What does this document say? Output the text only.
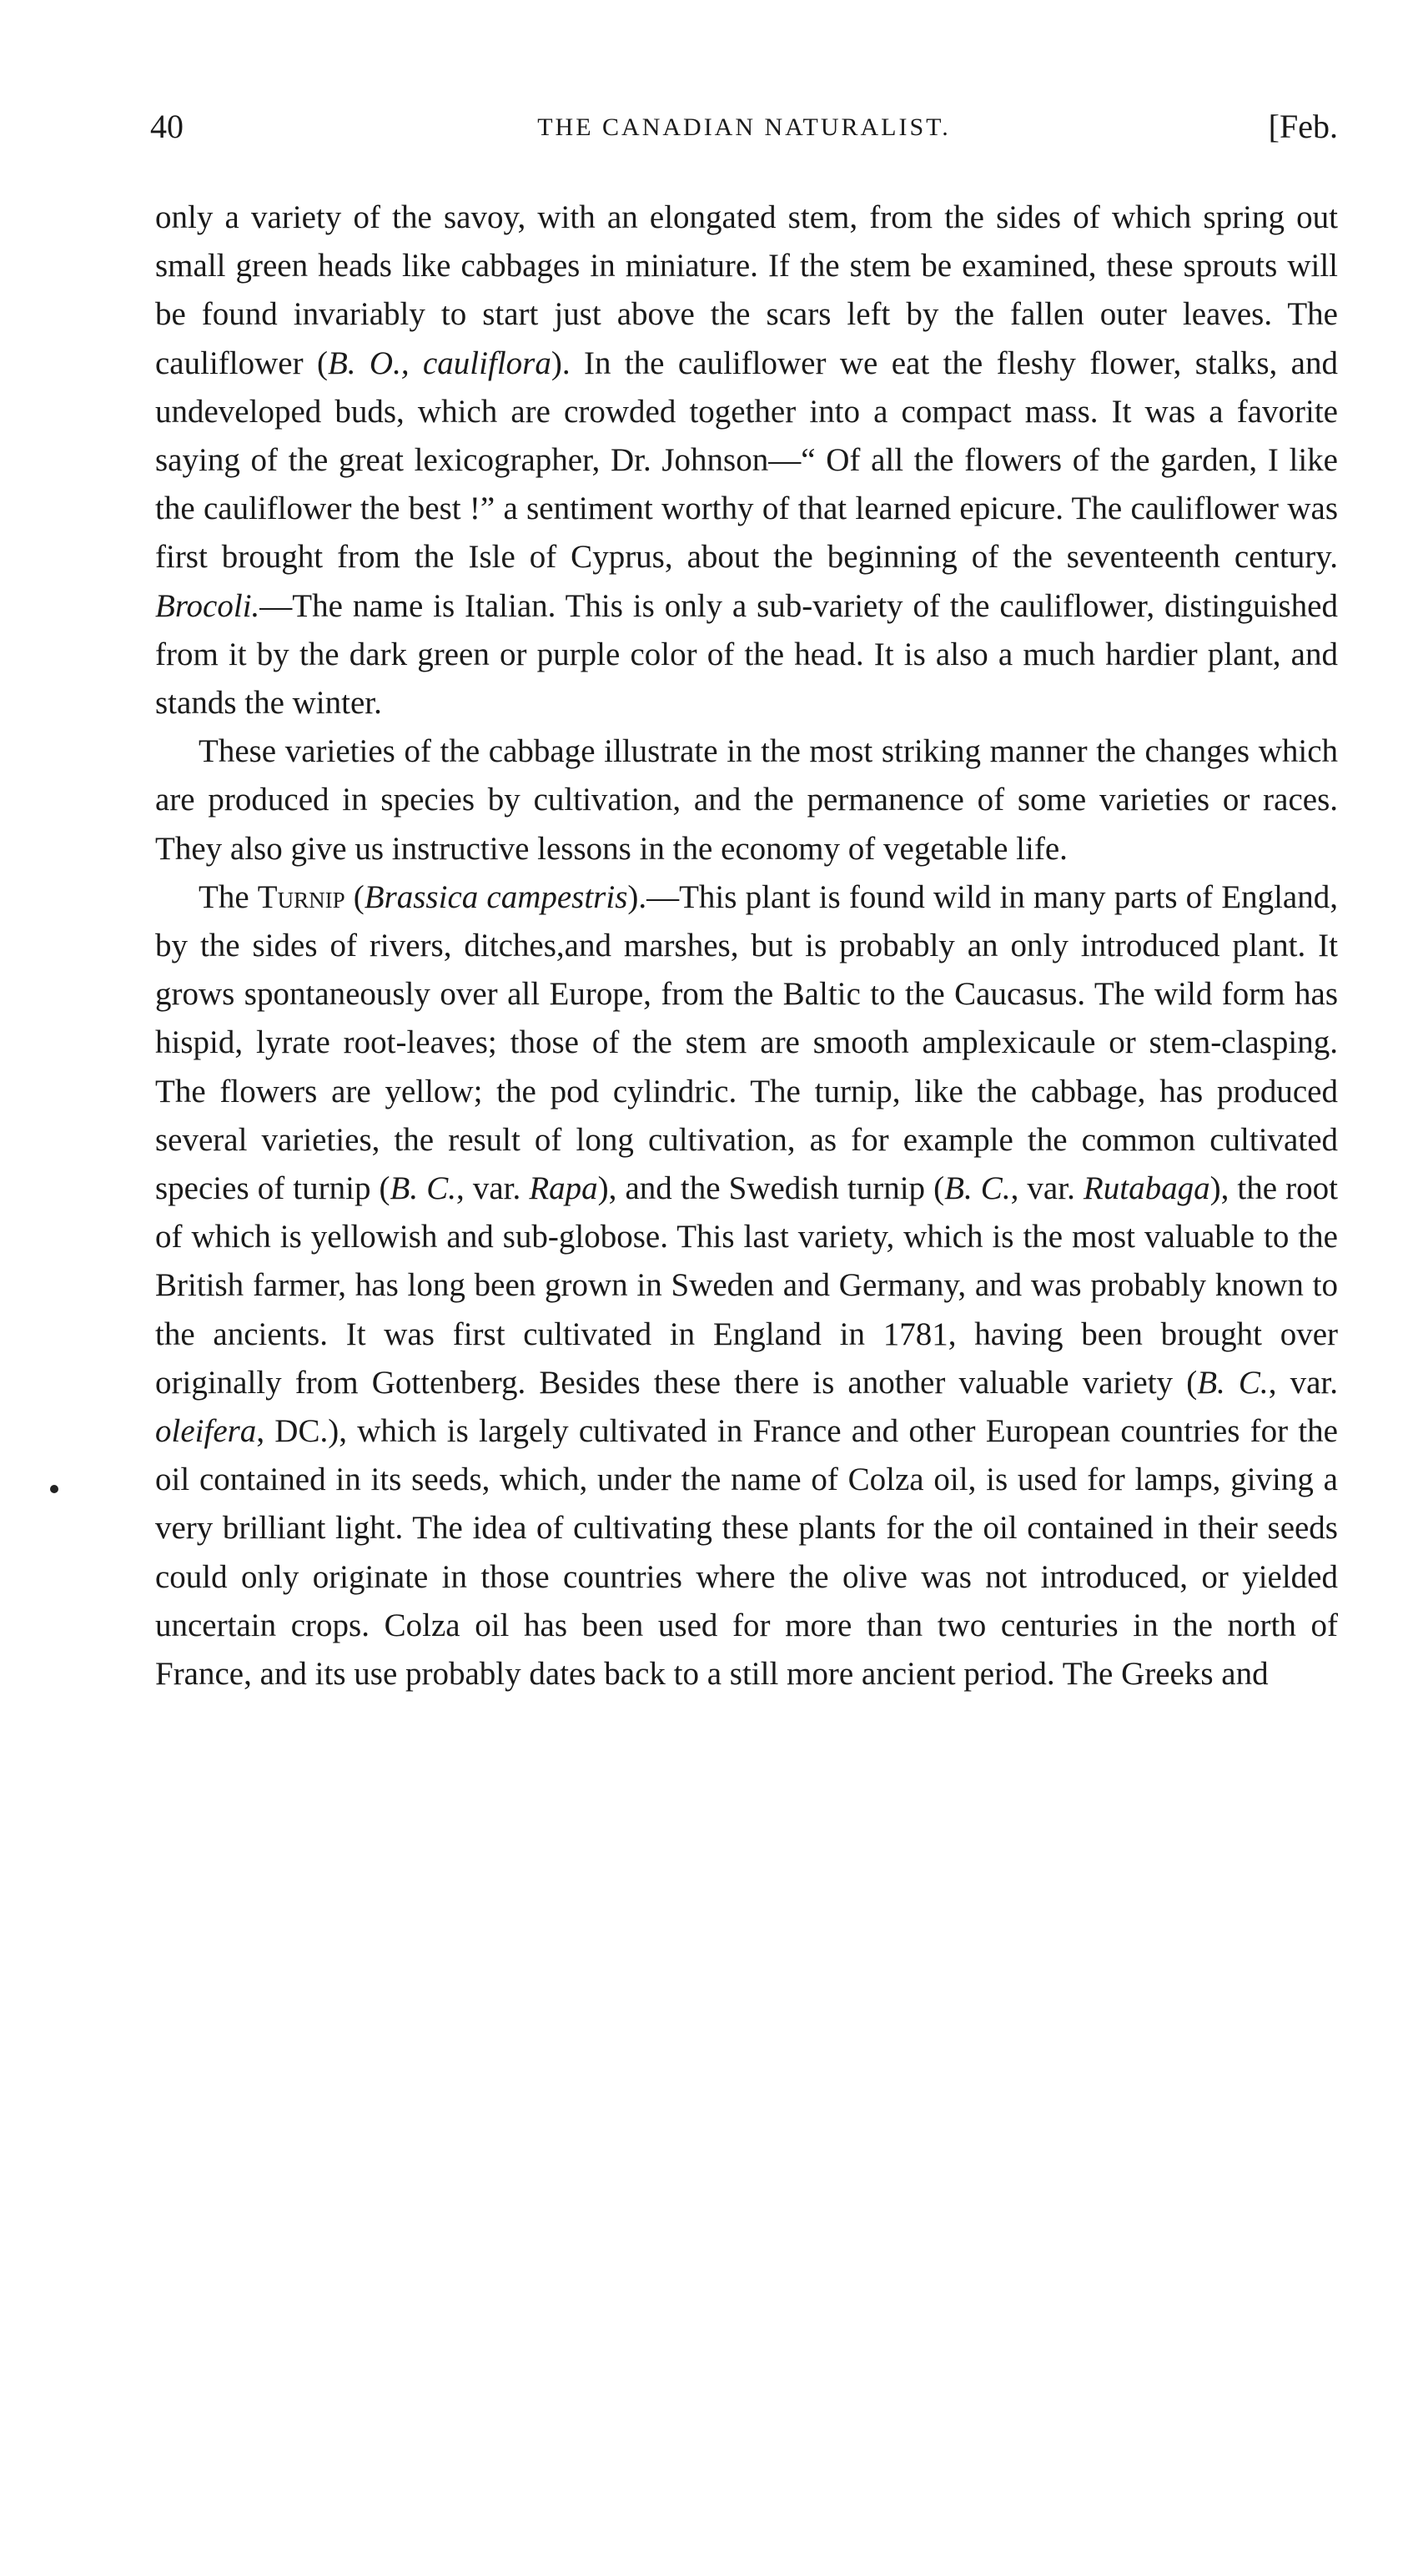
40	THE CANADIAN NATURALIST.	[Feb.

only a variety of the savoy, with an elongated stem, from the sides of which spring out small green heads like cabbages in miniature. If the stem be examined, these sprouts will be found invariably to start just above the scars left by the fallen outer leaves. The cauliflower (B. O., cauliflora). In the cauliflower we eat the fleshy flower, stalks, and undeveloped buds, which are crowded together into a compact mass. It was a favorite saying of the great lexicographer, Dr. Johnson—“ Of all the flowers of the garden, I like the cauliflower the best !” a sentiment worthy of that learned epicure. The cauliflower was first brought from the Isle of Cyprus, about the beginning of the seventeenth century. Brocoli.—The name is Italian. This is only a sub-variety of the cauliflower, distinguished from it by the dark green or purple color of the head. It is also a much hardier plant, and stands the winter.

These varieties of the cabbage illustrate in the most striking manner the changes which are produced in species by cultivation, and the permanence of some varieties or races. They also give us instructive lessons in the economy of vegetable life.

The Turnip (Brassica campestris).—This plant is found wild in many parts of England, by the sides of rivers, ditches,and marshes, but is probably an only introduced plant. It grows spontaneously over all Europe, from the Baltic to the Caucasus. The wild form has hispid, lyrate root-leaves; those of the stem are smooth amplexicaule or stem-clasping. The flowers are yellow; the pod cylindric. The turnip, like the cabbage, has produced several varieties, the result of long cultivation, as for example the common cultivated species of turnip (B. C., var. Rapa), and the Swedish turnip (B. C., var. Rutabaga), the root of which is yellowish and sub-globose. This last variety, which is the most valuable to the British farmer, has long been grown in Sweden and Germany, and was probably known to the ancients. It was first cultivated in England in 1781, having been brought over originally from Gottenberg. Besides these there is another valuable variety (B. C., var. oleifera, DC.), which is largely cultivated in France and other European countries for the oil contained in its seeds, which, under the name of Colza oil, is used for lamps, giving a very brilliant light. The idea of cultivating these plants for the oil contained in their seeds could only originate in those countries where the olive was not introduced, or yielded uncertain crops. Colza oil has been used for more than two centuries in the north of France, and its use probably dates back to a still more ancient period. The Greeks and
